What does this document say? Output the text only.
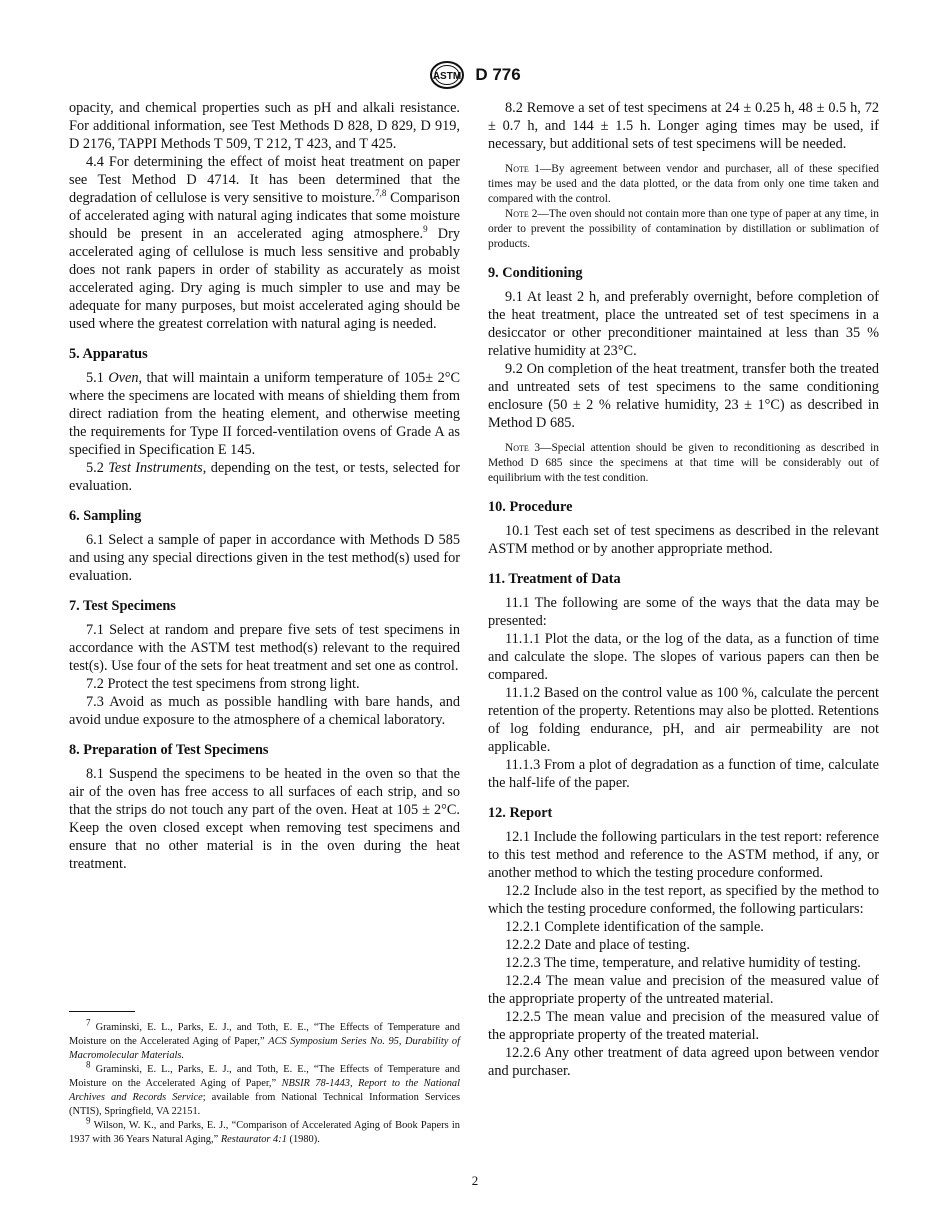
ASTM D 776

opacity, and chemical properties such as pH and alkali resistance. For additional information, see Test Methods D 828, D 829, D 919, D 2176, TAPPI Methods T 509, T 212, T 423, and T 425.

4.4 For determining the effect of moist heat treatment on paper see Test Method D 4714. It has been determined that the degradation of cellulose is very sensitive to moisture.$^{7,8}$ Comparison of accelerated aging with natural aging indicates that some moisture should be present in an accelerated aging atmosphere.$^9$ Dry accelerated aging of cellulose is much less sensitive and probably does not rank papers in order of stability as accurately as moist accelerated aging. Dry aging is much simpler to use and may be adequate for many purposes, but moist accelerated aging should be used where the greatest correlation with natural aging is needed.

5. Apparatus

5.1 Oven, that will maintain a uniform temperature of 105± 2°C where the specimens are located with means of shielding them from direct radiation from the heating element, and otherwise meeting the requirements for Type II forced-ventilation ovens of Grade A as specified in Specification E 145.

5.2 Test Instruments, depending on the test, or tests, selected for evaluation.

6. Sampling

6.1 Select a sample of paper in accordance with Methods D 585 and using any special directions given in the test method(s) used for evaluation.

7. Test Specimens

7.1 Select at random and prepare five sets of test specimens in accordance with the ASTM test method(s) relevant to the required test(s). Use four of the sets for heat treatment and set one as control.

7.2 Protect the test specimens from strong light.

7.3 Avoid as much as possible handling with bare hands, and avoid undue exposure to the atmosphere of a chemical laboratory.

8. Preparation of Test Specimens

8.1 Suspend the specimens to be heated in the oven so that the air of the oven has free access to all surfaces of each strip, and so that the strips do not touch any part of the oven. Heat at 105 ± 2°C. Keep the oven closed except when removing test specimens and ensure that no other material is in the oven during the heat treatment.

$^7$ Graminski, E. L., Parks, E. J., and Toth, E. E., “The Effects of Temperature and Moisture on the Accelerated Aging of Paper,” ACS Symposium Series No. 95, Durability of Macromolecular Materials.

$^8$ Graminski, E. L., Parks, E. J., and Toth, E. E., “The Effects of Temperature and Moisture on the Accelerated Aging of Paper,” NBSIR 78-1443, Report to the National Archives and Records Service; available from National Technical Information Services (NTIS), Springfield, VA 22151.

$^9$ Wilson, W. K., and Parks, E. J., “Comparison of Accelerated Aging of Book Papers in 1937 with 36 Years Natural Aging,” Restaurator 4:1 (1980).

8.2 Remove a set of test specimens at 24 ± 0.25 h, 48 ± 0.5 h, 72 ± 0.7 h, and 144 ± 1.5 h. Longer aging times may be used, if necessary, but additional sets of test specimens will be needed.

Note 1—By agreement between vendor and purchaser, all of these specified times may be used and the data plotted, or the data from only one time taken and compared with the control.

Note 2—The oven should not contain more than one type of paper at any time, in order to prevent the possibility of contamination by distillation or sublimation of products.

9. Conditioning

9.1 At least 2 h, and preferably overnight, before completion of the heat treatment, place the untreated set of test specimens in a desiccator or other preconditioner maintained at less than 35 % relative humidity at 23°C.

9.2 On completion of the heat treatment, transfer both the treated and untreated sets of test specimens to the same conditioning enclosure (50 ± 2 % relative humidity, 23 ± 1°C) as described in Method D 685.

Note 3—Special attention should be given to reconditioning as described in Method D 685 since the specimens at that time will be considerably out of equilibrium with the test condition.

10. Procedure

10.1 Test each set of test specimens as described in the relevant ASTM method or by another appropriate method.

11. Treatment of Data

11.1 The following are some of the ways that the data may be presented:

11.1.1 Plot the data, or the log of the data, as a function of time and calculate the slope. The slopes of various papers can then be compared.

11.1.2 Based on the control value as 100 %, calculate the percent retention of the property. Retentions may also be plotted. Retentions of log folding endurance, pH, and air permeability are not applicable.

11.1.3 From a plot of degradation as a function of time, calculate the half-life of the paper.

12. Report

12.1 Include the following particulars in the test report: reference to this test method and reference to the ASTM method, if any, or another method to which the testing procedure conformed.

12.2 Include also in the test report, as specified by the method to which the testing procedure conformed, the following particulars:

12.2.1 Complete identification of the sample.

12.2.2 Date and place of testing.

12.2.3 The time, temperature, and relative humidity of testing.

12.2.4 The mean value and precision of the measured value of the appropriate property of the untreated material.

12.2.5 The mean value and precision of the measured value of the appropriate property of the treated material.

12.2.6 Any other treatment of data agreed upon between vendor and purchaser.

2
